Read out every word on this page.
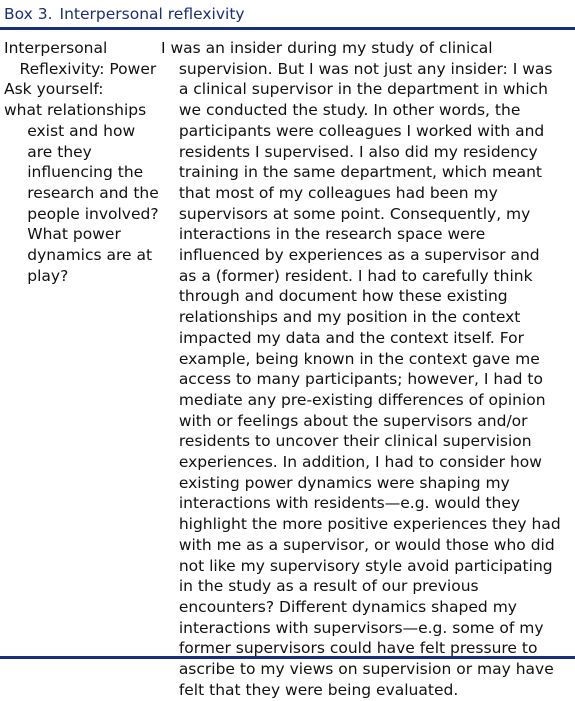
Box 3. Interpersonal reflexivity

Interpersonal Reflexivity: Power

Ask yourself:

what relationships exist and how are they influencing the research and the people involved? What power dynamics are at play?

I was an insider during my study of clinical supervision. But I was not just any insider: I was a clinical supervisor in the department in which we conducted the study. In other words, the participants were colleagues I worked with and residents I supervised. I also did my residency training in the same department, which meant that most of my colleagues had been my supervisors at some point. Consequently, my interactions in the research space were influenced by experiences as a supervisor and as a (former) resident. I had to carefully think through and document how these existing relationships and my position in the context impacted my data and the context itself. For example, being known in the context gave me access to many participants; however, I had to mediate any pre-existing differences of opinion with or feelings about the supervisors and/or residents to uncover their clinical supervision experiences. In addition, I had to consider how existing power dynamics were shaping my interactions with residents—e.g. would they highlight the more positive experiences they had with me as a supervisor, or would those who did not like my supervisory style avoid participating in the study as a result of our previous encounters? Different dynamics shaped my interactions with supervisors—e.g. some of my former supervisors could have felt pressure to ascribe to my views on supervision or may have felt that they were being evaluated.
